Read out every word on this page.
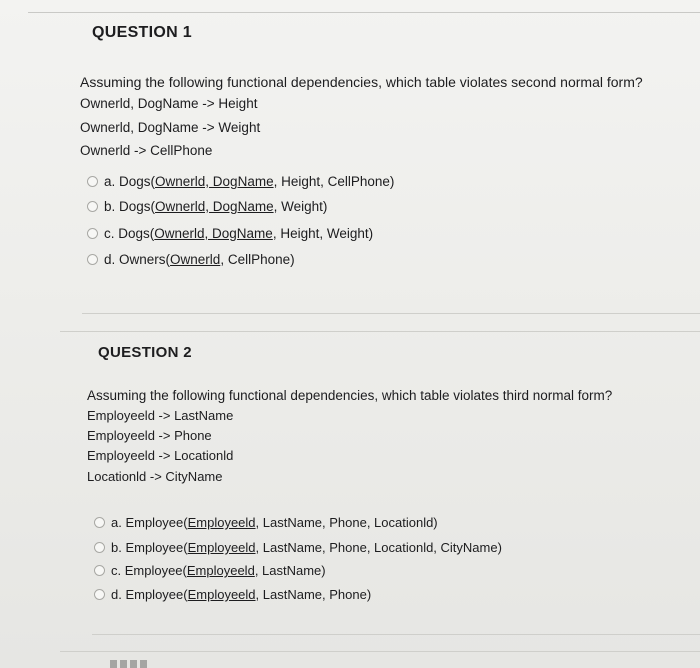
QUESTION 1
Assuming the following functional dependencies, which table violates second normal form?
Ownerld, DogName -> Height
Ownerld, DogName -> Weight
Ownerld -> CellPhone
a. Dogs( Ownerld, DogName , Height, CellPhone)
b. Dogs( Ownerld, DogName , Weight)
c. Dogs( Ownerld, DogName , Height, Weight)
d. Owners( Ownerld , CellPhone)
QUESTION 2
Assuming the following functional dependencies, which table violates third normal form?
Employeeld -> LastName
Employeeld -> Phone
Employeeld -> Locationld
Locationld -> CityName
a. Employee( Employeeld , LastName, Phone, Locationld)
b. Employee( Employeeld , LastName, Phone, Locationld, CityName)
c. Employee( Employeeld , LastName)
d. Employee( Employeeld , LastName, Phone)
